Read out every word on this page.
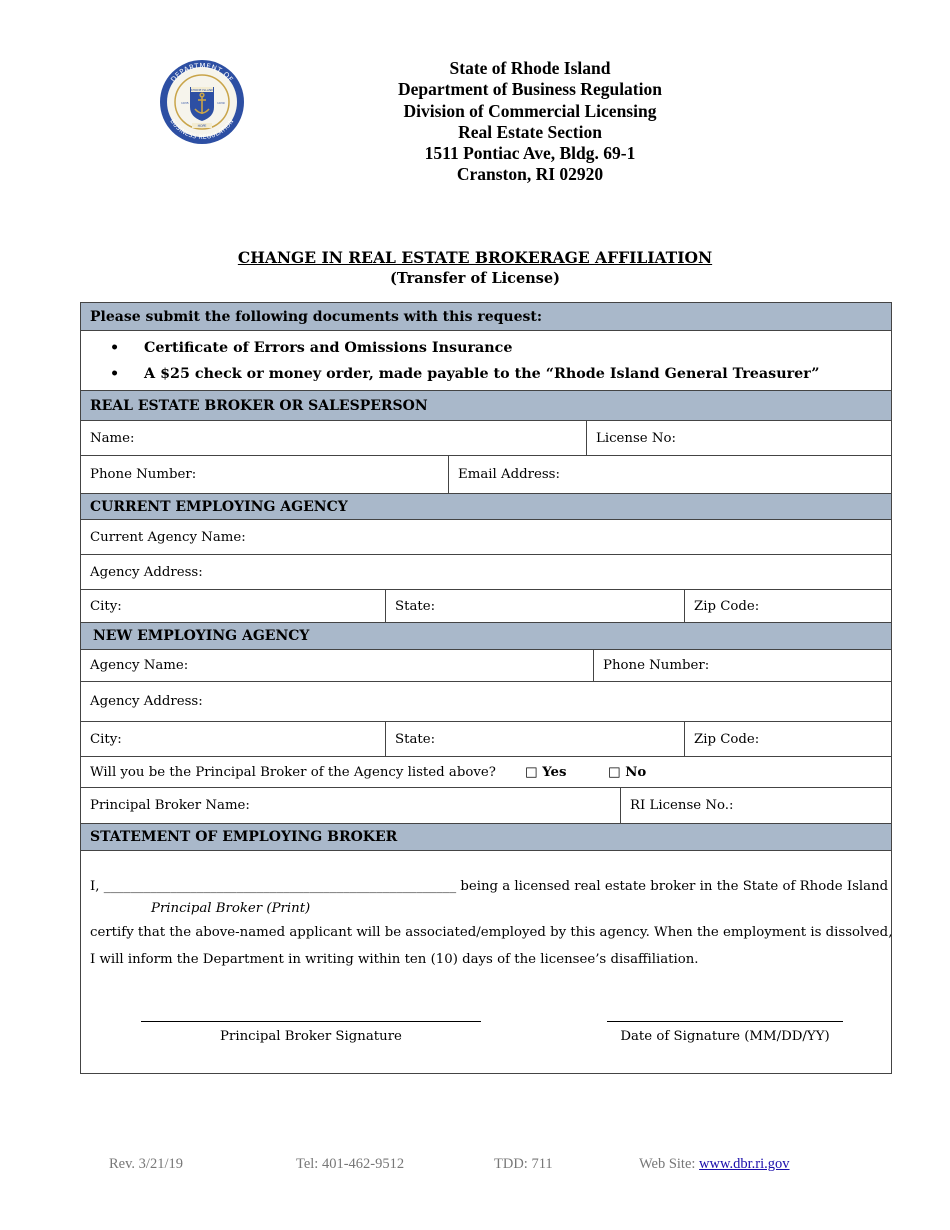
DEPARTMENT OF
BUSINESS REGULATION
1935	1939
RHODE ISLAND
HOPE
State of Rhode Island
Department of Business Regulation
Division of Commercial Licensing
Real Estate Section
1511 Pontiac Ave, Bldg. 69-1
Cranston, RI 02920
CHANGE IN REAL ESTATE BROKERAGE AFFILIATION
(Transfer of License)
Please submit the following documents with this request:
• Certificate of Errors and Omissions Insurance
• A $25 check or money order, made payable to the “Rhode Island General Treasurer”
REAL ESTATE BROKER OR SALESPERSON
Name:	License No:
Phone Number:	Email Address:
CURRENT EMPLOYING AGENCY
Current Agency Name:
Agency Address:
City:	State:	Zip Code:
NEW EMPLOYING AGENCY
Agency Name:	Phone Number:
Agency Address:
City:	State:	Zip Code:
Will you be the Principal Broker of the Agency listed above? □ Yes	□ No
Principal Broker Name:	RI License No.:
STATEMENT OF EMPLOYING BROKER
I, _____________________________________________________ being a licensed real estate broker in the State of Rhode Island
Principal Broker (Print)
certify that the above-named applicant will be associated/employed by this agency. When the employment is dissolved,
I will inform the Department in writing within ten (10) days of the licensee’s disaffiliation.
Principal Broker Signature	Date of Signature (MM/DD/YY)
Rev. 3/21/19	Tel: 401-462-9512	TDD: 711	Web Site: www.dbr.ri.gov
